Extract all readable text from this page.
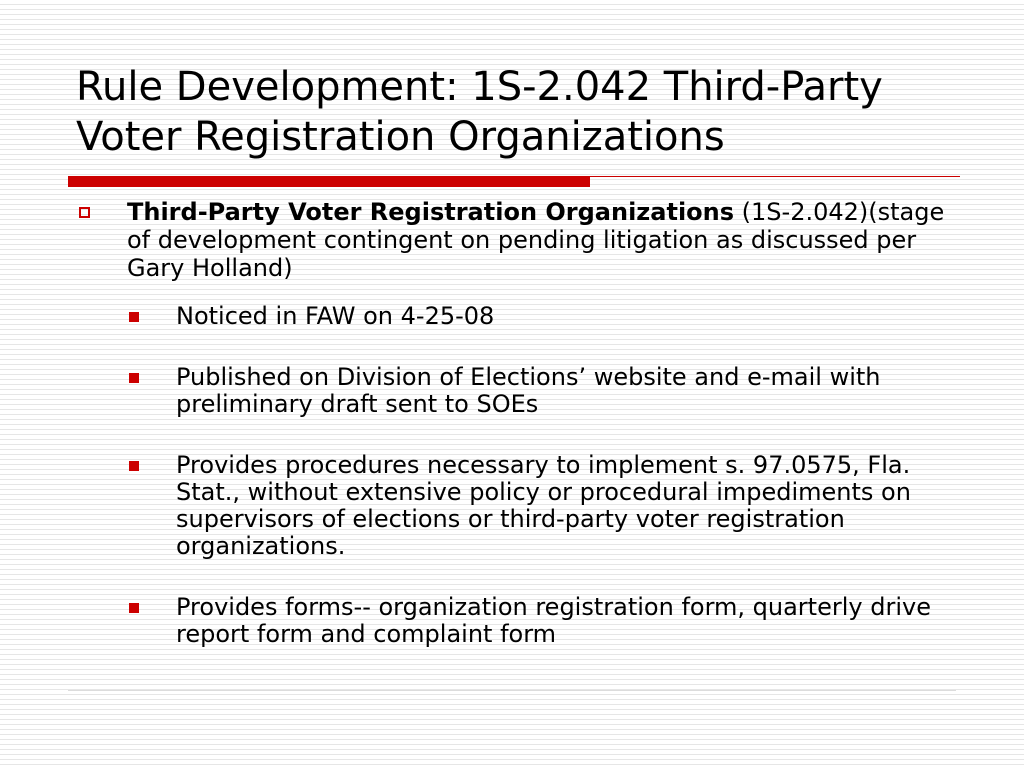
Rule Development: 1S-2.042 Third-Party Voter Registration Organizations
Third-Party Voter Registration Organizations (1S-2.042)(stage of development contingent on pending litigation as discussed per Gary Holland)
Noticed in FAW on 4-25-08
Published on Division of Elections’ website and e-mail with preliminary draft sent to SOEs
Provides procedures necessary to implement s. 97.0575, Fla. Stat., without extensive policy or procedural impediments on supervisors of elections or third-party voter registration organizations.
Provides forms-- organization registration form, quarterly drive report form and complaint form
